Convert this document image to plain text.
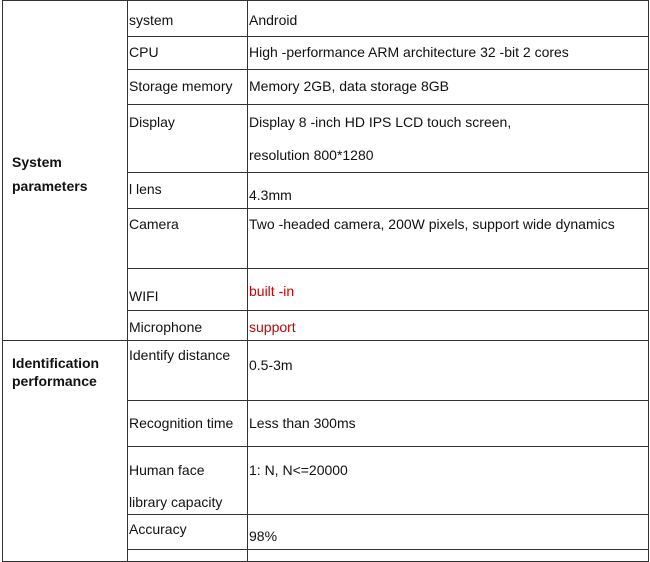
System
parameters	system	Android

	CPU	High -performance ARM architecture 32 -bit 2 cores

	Storage memory	Memory 2GB, data storage 8GB

	Display	Display 8 -inch HD IPS LCD touch screen,
resolution 800*1280

	l lens	4.3mm

	Camera	Two -headed camera, 200W pixels, support wide dynamics

	WIFI	built -in

	Microphone	support

Identification
performance	Identify distance	0.5-3m

	Recognition time	Less than 300ms

	Human face
library capacity	1: N, N<=20000

	Accuracy	98%
